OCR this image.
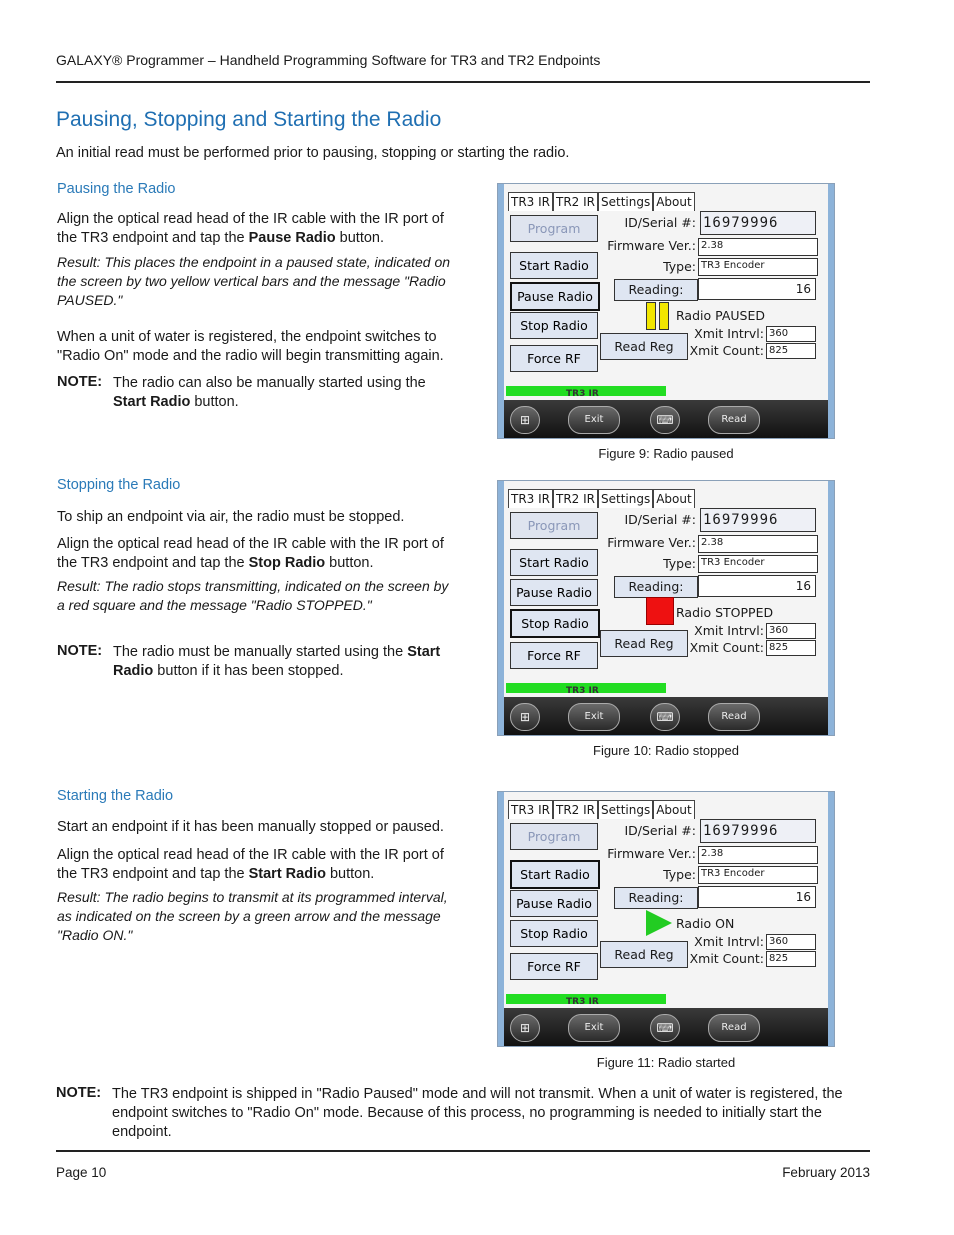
GALAXY® Programmer – Handheld Programming Software for TR3 and TR2 Endpoints
Pausing, Stopping and Starting the Radio
An initial read must be performed prior to pausing, stopping or starting the radio.
Pausing the Radio
Align the optical read head of the IR cable with the IR port of the TR3 endpoint and tap the Pause Radio button.
Result: This places the endpoint in a paused state, indicated on the screen by two yellow vertical bars and the message "Radio PAUSED."
When a unit of water is registered, the endpoint switches to "Radio On" mode and the radio will begin transmitting again.
NOTE: The radio can also be manually started using the Start Radio button.
Stopping the Radio
To ship an endpoint via air, the radio must be stopped.
Align the optical read head of the IR cable with the IR port of the TR3 endpoint and tap the Stop Radio button.
Result: The radio stops transmitting, indicated on the screen by a red square and the message "Radio STOPPED."
NOTE: The radio must be manually started using the Start Radio button if it has been stopped.
Starting the Radio
Start an endpoint if it has been manually stopped or paused.
Align the optical read head of the IR cable with the IR port of the TR3 endpoint and tap the Start Radio button.
Result: The radio begins to transmit at its programmed interval, as indicated on the screen by a green arrow and the message "Radio ON."
TR3 IR TR2 IR Settings About
Program
Start Radio
Pause Radio
Stop Radio
Force RF
ID/Serial #: 16979996
Firmware Ver.: 2.38
Type: TR3 Encoder
Reading:	16
Radio PAUSED
Read Reg
Xmit Intrvl: 360
Xmit Count: 825
TR3 IR
⊞	Exit	⌨	Read
Figure 9: Radio paused
TR3 IR TR2 IR Settings About
Program
Start Radio
Pause Radio
Stop Radio
Force RF
ID/Serial #: 16979996
Firmware Ver.: 2.38
Type: TR3 Encoder
Reading:	16
Radio STOPPED
Read Reg
Xmit Intrvl: 360
Xmit Count: 825
TR3 IR
⊞	Exit	⌨	Read
Figure 10: Radio stopped
TR3 IR TR2 IR Settings About
Program
Start Radio
Pause Radio
Stop Radio
Force RF
ID/Serial #: 16979996
Firmware Ver.: 2.38
Type: TR3 Encoder
Reading:	16
Radio ON
Read Reg
Xmit Intrvl: 360
Xmit Count: 825
TR3 IR
⊞	Exit	⌨	Read
Figure 11: Radio started
NOTE: The TR3 endpoint is shipped in "Radio Paused" mode and will not transmit. When a unit of water is registered, the endpoint switches to "Radio On" mode. Because of this process, no programming is needed to initially start the endpoint.
Page 10	February 2013
